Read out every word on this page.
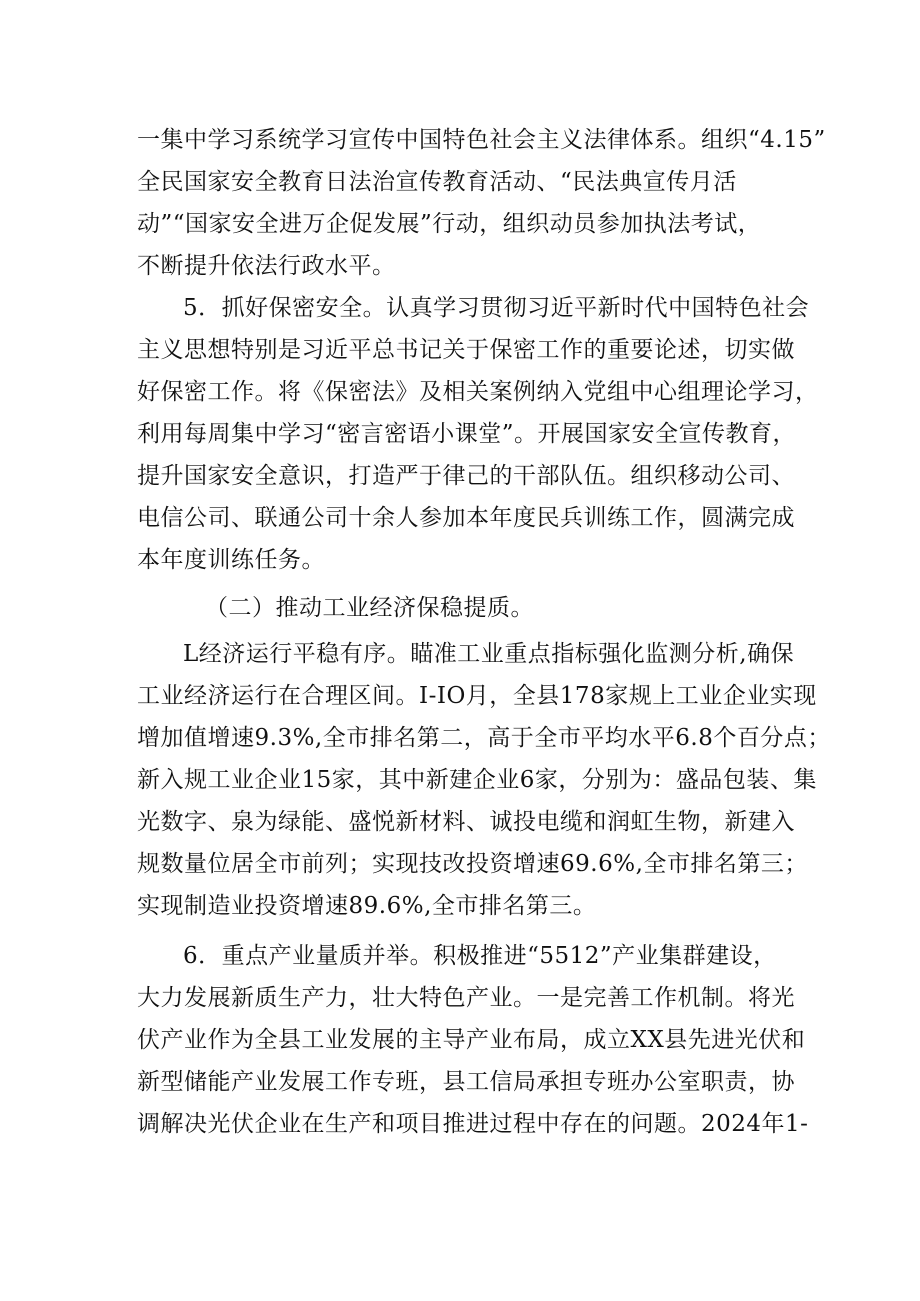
一集中学习系统学习宣传中国特色社会主义法律体系。组织“4.15”
全民国家安全教育日法治宣传教育活动、“民法典宣传月活
动”“国家安全进万企促发展”行动，组织动员参加执法考试，
不断提升依法行政水平。
5．抓好保密安全。认真学习贯彻习近平新时代中国特色社会
主义思想特别是习近平总书记关于保密工作的重要论述，切实做
好保密工作。将《保密法》及相关案例纳入党组中心组理论学习，
利用每周集中学习“密言密语小课堂”。开展国家安全宣传教育，
提升国家安全意识，打造严于律己的干部队伍。组织移动公司、
电信公司、联通公司十余人参加本年度民兵训练工作，圆满完成
本年度训练任务。
（二）推动工业经济保稳提质。
L经济运行平稳有序。瞄准工业重点指标强化监测分析,确保
工业经济运行在合理区间。I-IO月，全县178家规上工业企业实现
增加值增速9.3%,全市排名第二，高于全市平均水平6.8个百分点；
新入规工业企业15家，其中新建企业6家，分别为：盛品包装、集
光数字、泉为绿能、盛悦新材料、诚投电缆和润虹生物，新建入
规数量位居全市前列；实现技改投资增速69.6%,全市排名第三；
实现制造业投资增速89.6%,全市排名第三。
6．重点产业量质并举。积极推进“5512”产业集群建设，
大力发展新质生产力，壮大特色产业。一是完善工作机制。将光
伏产业作为全县工业发展的主导产业布局，成立XX县先进光伏和
新型储能产业发展工作专班，县工信局承担专班办公室职责，协
调解决光伏企业在生产和项目推进过程中存在的问题。2024年1-
